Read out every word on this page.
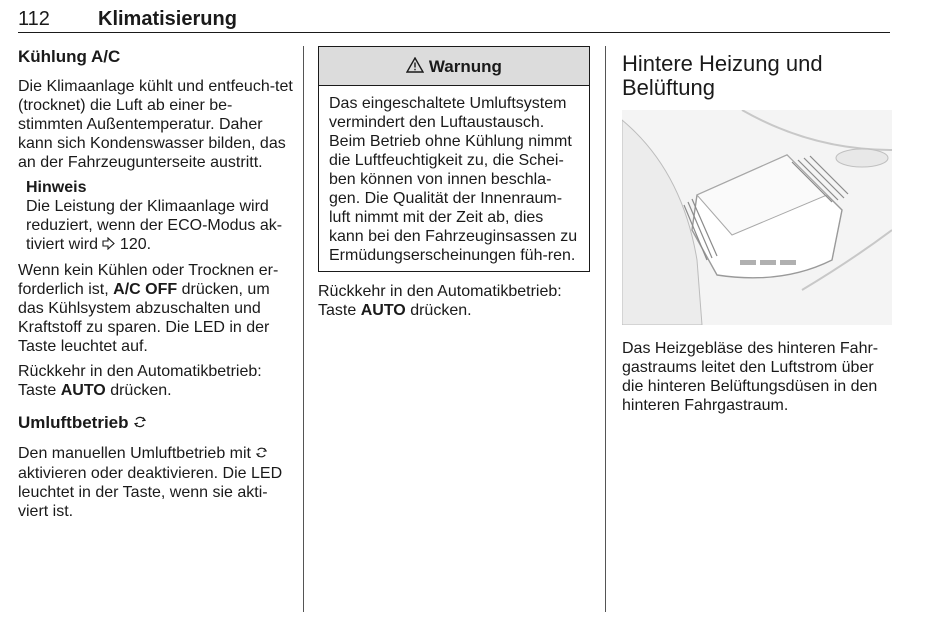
112 Klimatisierung
Kühlung A/C

Die Klimaanlage kühlt und entfeuch-tet (trocknet) die Luft ab einer be-stimmten Außentemperatur. Daher kann sich Kondenswasser bilden, das an der Fahrzeugunterseite austritt.

Hinweis
Die Leistung der Klimaanlage wird reduziert, wenn der ECO-Modus ak-tiviert wird 120.

Wenn kein Kühlen oder Trocknen er-forderlich ist, A/C OFF drücken, um das Kühlsystem abzuschalten und Kraftstoff zu sparen. Die LED in der Taste leuchtet auf.

Rückkehr in den Automatikbetrieb: Taste AUTO drücken.

Umluftbetrieb

Den manuellen Umluftbetrieb mit  aktivieren oder deaktivieren. Die LED leuchtet in der Taste, wenn sie akti-viert ist.

Warnung
Das eingeschaltete Umluftsystem vermindert den Luftaustausch. Beim Betrieb ohne Kühlung nimmt die Luftfeuchtigkeit zu, die Schei-ben können von innen beschla-gen. Die Qualität der Innenraum-luft nimmt mit der Zeit ab, dies kann bei den Fahrzeuginsassen zu Ermüdungserscheinungen füh-ren.

Rückkehr in den Automatikbetrieb: Taste AUTO drücken.

Hintere Heizung und Belüftung

Das Heizgebläse des hinteren Fahr-gastraums leitet den Luftstrom über die hinteren Belüftungsdüsen in den hinteren Fahrgastraum.
